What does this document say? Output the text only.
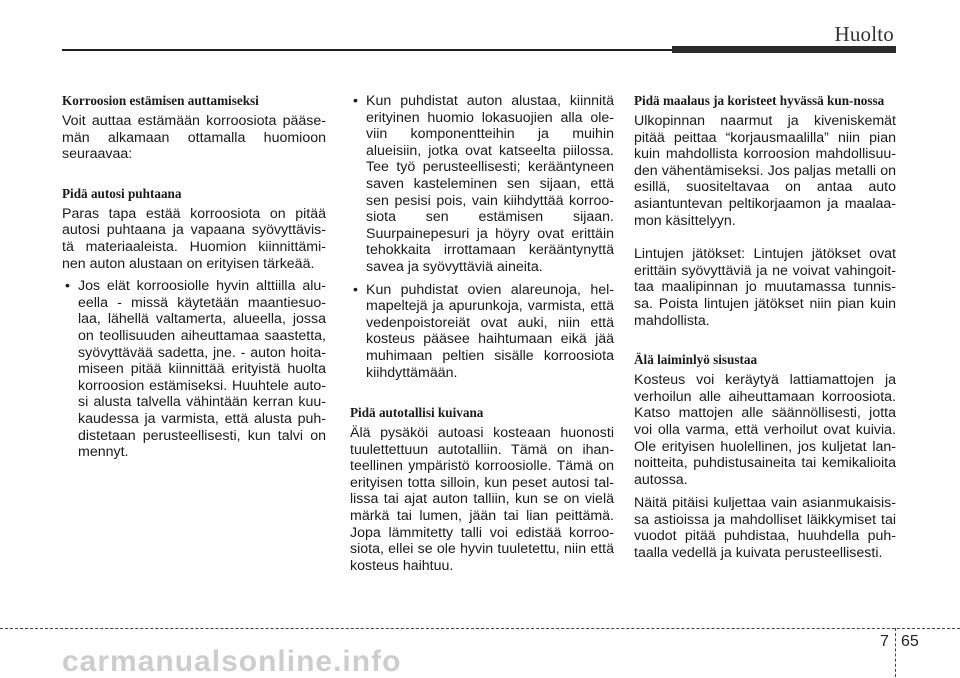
Huolto
Korroosion estämisen auttamiseksi

Voit auttaa estämään korroosiota pääse-män alkamaan ottamalla huomioon seuraavaa:

Pidä autosi puhtaana

Paras tapa estää korroosiota on pitää autosi puhtaana ja vapaana syövyttävis-tä materiaaleista. Huomion kiinnittämi-nen auton alustaan on erityisen tärkeää.

• Jos elät korroosiolle hyvin alttiilla alu-eella - missä käytetään maantiesuo-laa, lähellä valtamerta, alueella, jossa on teollisuuden aiheuttamaa saastetta, syövyttävää sadetta, jne. - auton hoita-miseen pitää kiinnittää erityistä huolta korroosion estämiseksi. Huuhtele auto-si alusta talvella vähintään kerran kuu-kaudessa ja varmista, että alusta puh-distetaan perusteellisesti, kun talvi on mennyt.
• Kun puhdistat auton alustaa, kiinnitä erityinen huomio lokasuojien alla ole-viin komponentteihin ja muihin alueisiin, jotka ovat katseelta piilossa. Tee työ perusteellisesti; kerääntyneen saven kasteleminen sen sijaan, että sen pesisi pois, vain kiihdyttää korroo-siota sen estämisen sijaan. Suurpainepesuri ja höyry ovat erittäin tehokkaita irrottamaan kerääntynyttä savea ja syövyttäviä aineita.
• Kun puhdistat ovien alareunoja, hel-mapeltejä ja apurunkoja, varmista, että vedenpoistoreiät ovat auki, niin että kosteus pääsee haihtumaan eikä jää muhimaan peltien sisälle korroosiota kiihdyttämään.
Pidä autotallisi kuivana

Älä pysäköi autoasi kosteaan huonosti tuulettettuun autotalliin. Tämä on ihan-teellinen ympäristö korroosiolle. Tämä on erityisen totta silloin, kun peset autosi tal-lissa tai ajat auton talliin, kun se on vielä märkä tai lumen, jään tai lian peittämä. Jopa lämmitetty talli voi edistää korroo-siota, ellei se ole hyvin tuuletettu, niin että kosteus haihtuu.

Pidä maalaus ja koristeet hyvässä kun-nossa

Ulkopinnan naarmut ja kiveniskemät pitää peittaa “korjausmaalilla” niin pian kuin mahdollista korroosion mahdollisuu-den vähentämiseksi. Jos paljas metalli on esillä, suositeltavaa on antaa auto asiantuntevan peltikorjaamon ja maalaa-mon käsittelyyn.

Lintujen jätökset: Lintujen jätökset ovat erittäin syövyttäviä ja ne voivat vahingoit-taa maalipinnan jo muutamassa tunnis-sa. Poista lintujen jätökset niin pian kuin mahdollista.

Älä laiminlyö sisustaa

Kosteus voi keräytyä lattiamattojen ja verhoilun alle aiheuttamaan korroosiota. Katso mattojen alle säännöllisesti, jotta voi olla varma, että verhoilut ovat kuivia. Ole erityisen huolellinen, jos kuljetat lan-noitteita, puhdistusaineita tai kemikalioita autossa.

Näitä pitäisi kuljettaa vain asianmukaisis-sa astioissa ja mahdolliset läikkymiset tai vuodot pitää puhdistaa, huuhdella puh-taalla vedellä ja kuivata perusteellisesti.

7 65
carmanualsonline.info
